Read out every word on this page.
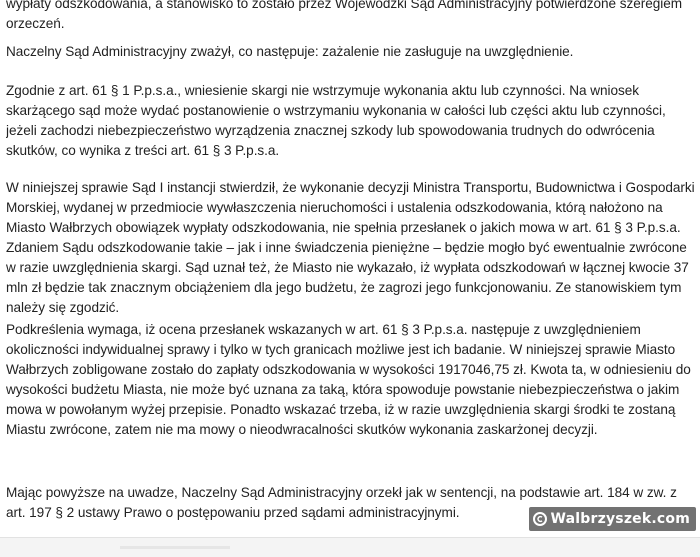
wypłaty odszkodowania, a stanowisko to zostało przez Wojewódzki Sąd Administracyjny potwierdzone szeregiem orzeczeń.

Naczelny Sąd Administracyjny zważył, co następuje: zażalenie nie zasługuje na uwzględnienie.

Zgodnie z art. 61 § 1 P.p.s.a., wniesienie skargi nie wstrzymuje wykonania aktu lub czynności. Na wniosek skarżącego sąd może wydać postanowienie o wstrzymaniu wykonania w całości lub części aktu lub czynności, jeżeli zachodzi niebezpieczeństwo wyrządzenia znacznej szkody lub spowodowania trudnych do odwrócenia skutków, co wynika z treści art. 61 § 3 P.p.s.a.

W niniejszej sprawie Sąd I instancji stwierdził, że wykonanie decyzji Ministra Transportu, Budownictwa i Gospodarki Morskiej, wydanej w przedmiocie wywłaszczenia nieruchomości i ustalenia odszkodowania, którą nałożono na Miasto Wałbrzych obowiązek wypłaty odszkodowania, nie spełnia przesłanek o jakich mowa w art. 61 § 3 P.p.s.a. Zdaniem Sądu odszkodowanie takie – jak i inne świadczenia pieniężne – będzie mogło być ewentualnie zwrócone w razie uwzględnienia skargi. Sąd uznał też, że Miasto nie wykazało, iż wypłata odszkodowań w łącznej kwocie 37 mln zł będzie tak znacznym obciążeniem dla jego budżetu, że zagrozi jego funkcjonowaniu. Ze stanowiskiem tym należy się zgodzić.

Podkreślenia wymaga, iż ocena przesłanek wskazanych w art. 61 § 3 P.p.s.a. następuje z uwzględnieniem okoliczności indywidualnej sprawy i tylko w tych granicach możliwe jest ich badanie. W niniejszej sprawie Miasto Wałbrzych zobligowane zostało do zapłaty odszkodowania w wysokości 1917046,75 zł. Kwota ta, w odniesieniu do wysokości budżetu Miasta, nie może być uznana za taką, która spowoduje powstanie niebezpieczeństwa o jakim mowa w powołanym wyżej przepisie. Ponadto wskazać trzeba, iż w razie uwzględnienia skargi środki te zostaną Miastu zwrócone, zatem nie ma mowy o nieodwracalności skutków wykonania zaskarżonej decyzji.

Mając powyższe na uwadze, Naczelny Sąd Administracyjny orzekł jak w sentencji, na podstawie art. 184 w zw. z art. 197 § 2 ustawy Prawo o postępowaniu przed sądami administracyjnymi.	Walbrzyszek.com
